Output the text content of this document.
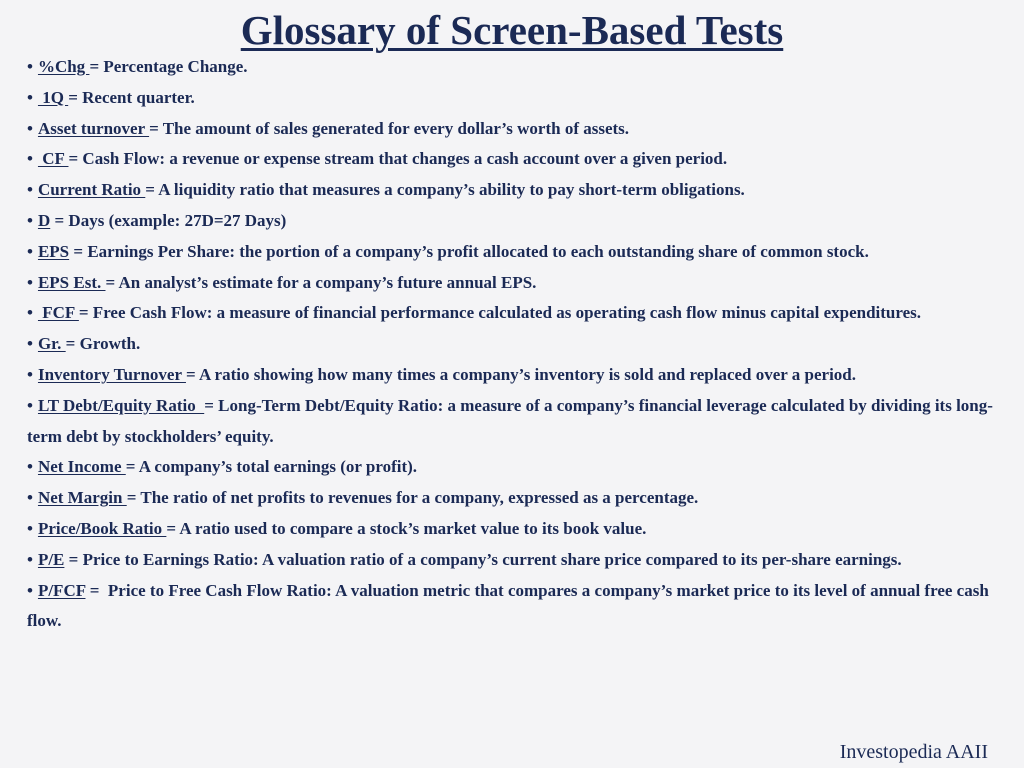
Glossary of Screen-Based Tests
• %Chg = Percentage Change.
• 1Q = Recent quarter.
• Asset turnover = The amount of sales generated for every dollar’s worth of assets.
• CF = Cash Flow: a revenue or expense stream that changes a cash account over a given period.
• Current Ratio = A liquidity ratio that measures a company’s ability to pay short-term obligations.
• D = Days (example: 27D=27 Days)
• EPS = Earnings Per Share: the portion of a company’s profit allocated to each outstanding share of common stock.
• EPS Est. = An analyst’s estimate for a company’s future annual EPS.
• FCF = Free Cash Flow: a measure of financial performance calculated as operating cash flow minus capital expenditures.
• Gr. = Growth.
• Inventory Turnover = A ratio showing how many times a company’s inventory is sold and replaced over a period.
• LT Debt/Equity Ratio  = Long-Term Debt/Equity Ratio: a measure of a company’s financial leverage calculated by dividing its long-term debt by stockholders’ equity.
• Net Income = A company’s total earnings (or profit).
• Net Margin = The ratio of net profits to revenues for a company, expressed as a percentage.
• Price/Book Ratio = A ratio used to compare a stock’s market value to its book value.
• P/E = Price to Earnings Ratio: A valuation ratio of a company’s current share price compared to its per-share earnings.
• P/FCF =  Price to Free Cash Flow Ratio: A valuation metric that compares a company’s market price to its level of annual free cash flow.
Investopedia AAII
